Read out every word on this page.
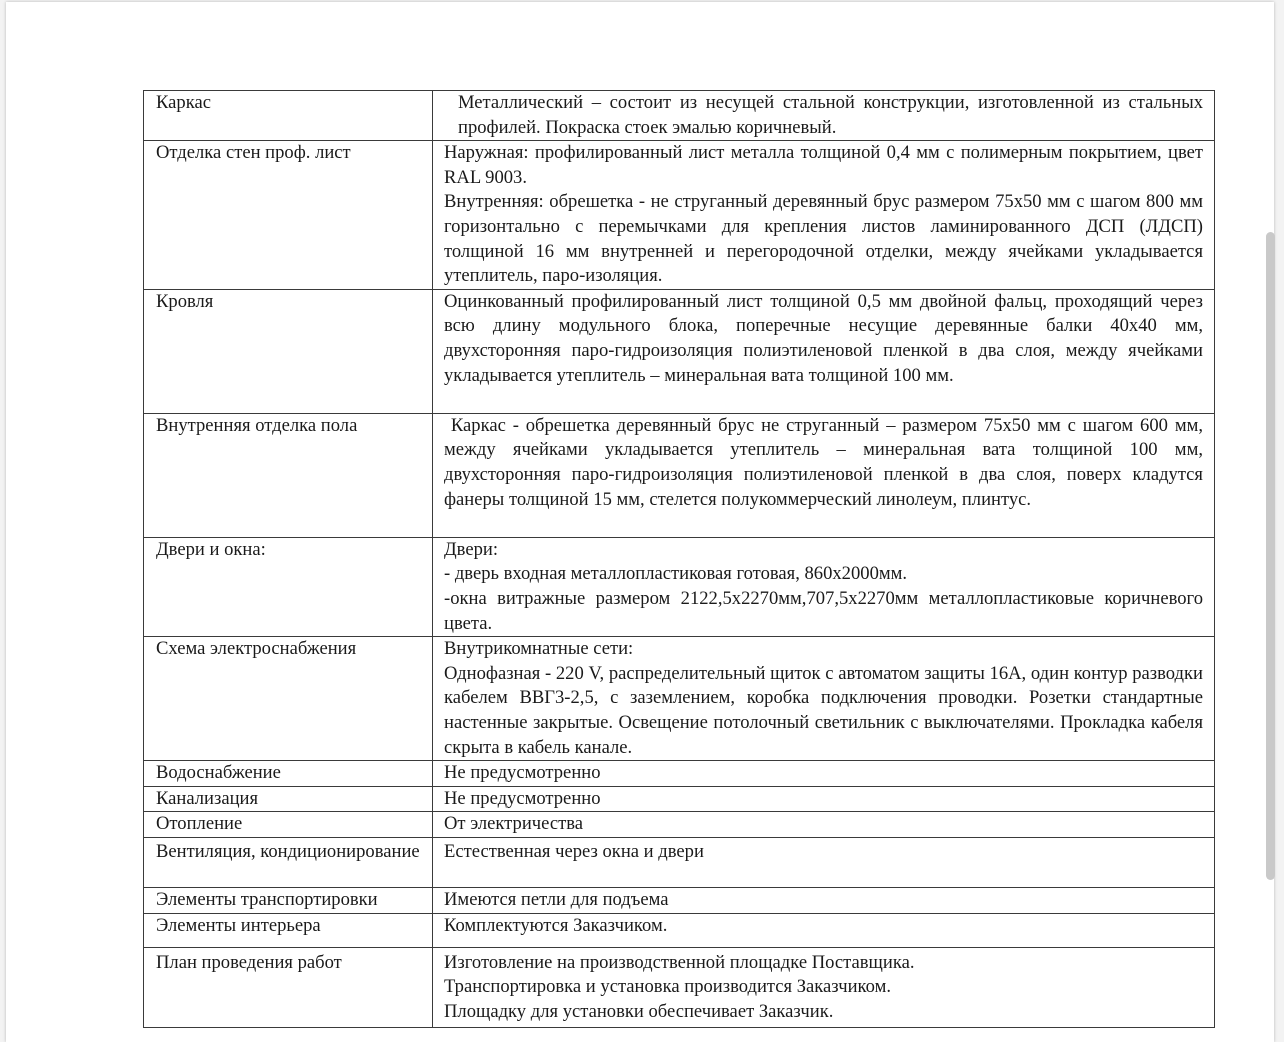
Каркас	Металлический – состоит из несущей стальной конструкции, изготовленной из стальных профилей. Покраска стоек эмалью коричневый.

Отделка стен проф. лист	Наружная: профилированный лист металла толщиной 0,4 мм с полимерным покрытием, цвет RAL 9003.
Внутренняя: обрешетка - не струганный деревянный брус размером 75х50 мм с шагом 800 мм горизонтально с перемычками для крепления листов ламинированного ДСП (ЛДСП) толщиной 16 мм внутренней и перегородочной отделки, между ячейками укладывается утеплитель, паро-изоляция.

Кровля	Оцинкованный профилированный лист толщиной 0,5 мм двойной фальц, проходящий через всю длину модульного блока, поперечные несущие деревянные балки 40х40 мм, двухсторонняя паро-гидроизоляция полиэтиленовой пленкой в два слоя, между ячейками укладывается утеплитель – минеральная вата толщиной 100 мм.

Внутренняя отделка пола	Каркас - обрешетка деревянный брус не струганный – размером 75х50 мм с шагом 600 мм, между ячейками укладывается утеплитель – минеральная вата толщиной 100 мм, двухсторонняя паро-гидроизоляция полиэтиленовой пленкой в два слоя, поверх кладутся фанеры толщиной 15 мм, стелется полукоммерческий линолеум, плинтус.

Двери и окна:	Двери:
- дверь входная металлопластиковая готовая, 860х2000мм.
-окна витражные размером 2122,5х2270мм,707,5х2270мм металлопластиковые коричневого цвета.

Схема электроснабжения	Внутрикомнатные сети:
Однофазная - 220 V, распределительный щиток с автоматом защиты 16А, один контур разводки кабелем ВВГ3-2,5, с заземлением, коробка подключения проводки. Розетки стандартные настенные закрытые. Освещение потолочный светильник с выключателями. Прокладка кабеля скрыта в кабель канале.

Водоснабжение	Не предусмотренно

Канализация	Не предусмотренно

Отопление	От электричества

Вентиляция, кондиционирование	Естественная через окна и двери

Элементы транспортировки	Имеются петли для подъема

Элементы интерьера	Комплектуются Заказчиком.

План проведения работ	Изготовление на производственной площадке Поставщика.
Транспортировка и установка производится Заказчиком.
Площадку для установки обеспечивает Заказчик.
